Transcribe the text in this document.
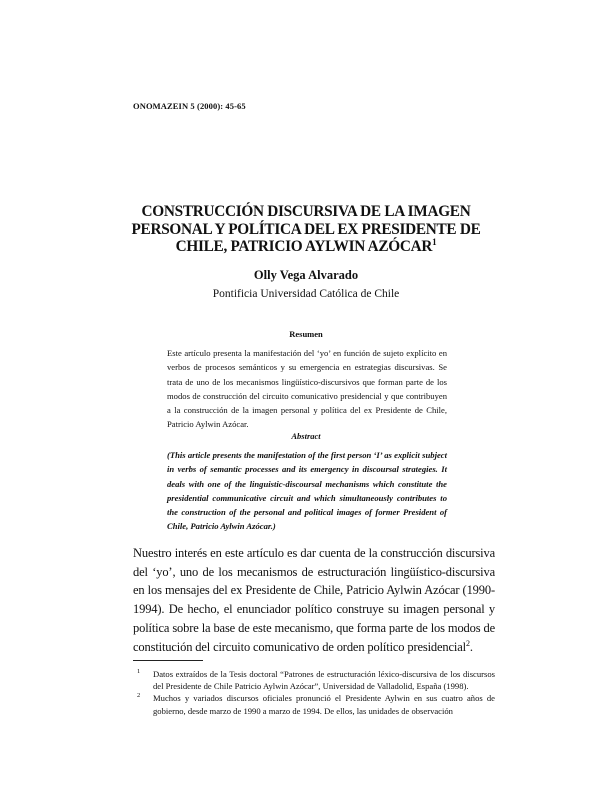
ONOMAZEIN 5 (2000): 45-65
CONSTRUCCIÓN DISCURSIVA DE LA IMAGEN
PERSONAL Y POLÍTICA DEL EX PRESIDENTE DE
CHILE, PATRICIO AYLWIN AZÓCAR$^1$
Olly Vega Alvarado
Pontificia Universidad Católica de Chile
Resumen
Este artículo presenta la manifestación del ‘yo’ en función de sujeto explícito en verbos de procesos semánticos y su emergencia en estrategias discursivas. Se trata de uno de los mecanismos lingüístico-discursivos que forman parte de los modos de construcción del circuito comunicativo presidencial y que contribuyen a la construcción de la imagen personal y política del ex Presidente de Chile, Patricio Aylwin Azócar.
Abstract
(This article presents the manifestation of the first person ‘I’ as explicit subject in verbs of semantic processes and its emergency in discoursal strategies. It deals with one of the linguistic-discoursal mechanisms which constitute the presidential communicative circuit and which simultaneously contributes to the construction of the personal and political images of former President of Chile, Patricio Aylwin Azócar.)
Nuestro interés en este artículo es dar cuenta de la construcción discursiva del ‘yo’, uno de los mecanismos de estructuración lingüístico-discursiva en los mensajes del ex Presidente de Chile, Patricio Aylwin Azócar (1990-1994). De hecho, el enunciador político construye su imagen personal y política sobre la base de este mecanismo, que forma parte de los modos de constitución del circuito comunicativo de orden político presidencial$^2$.
1 Datos extraídos de la Tesis doctoral “Patrones de estructuración léxico-discursiva de los discursos del Presidente de Chile Patricio Aylwin Azócar”, Universidad de Valladolid, España (1998).
2 Muchos y variados discursos oficiales pronunció el Presidente Aylwin en sus cuatro años de gobierno, desde marzo de 1990 a marzo de 1994. De ellos, las unidades de observación
